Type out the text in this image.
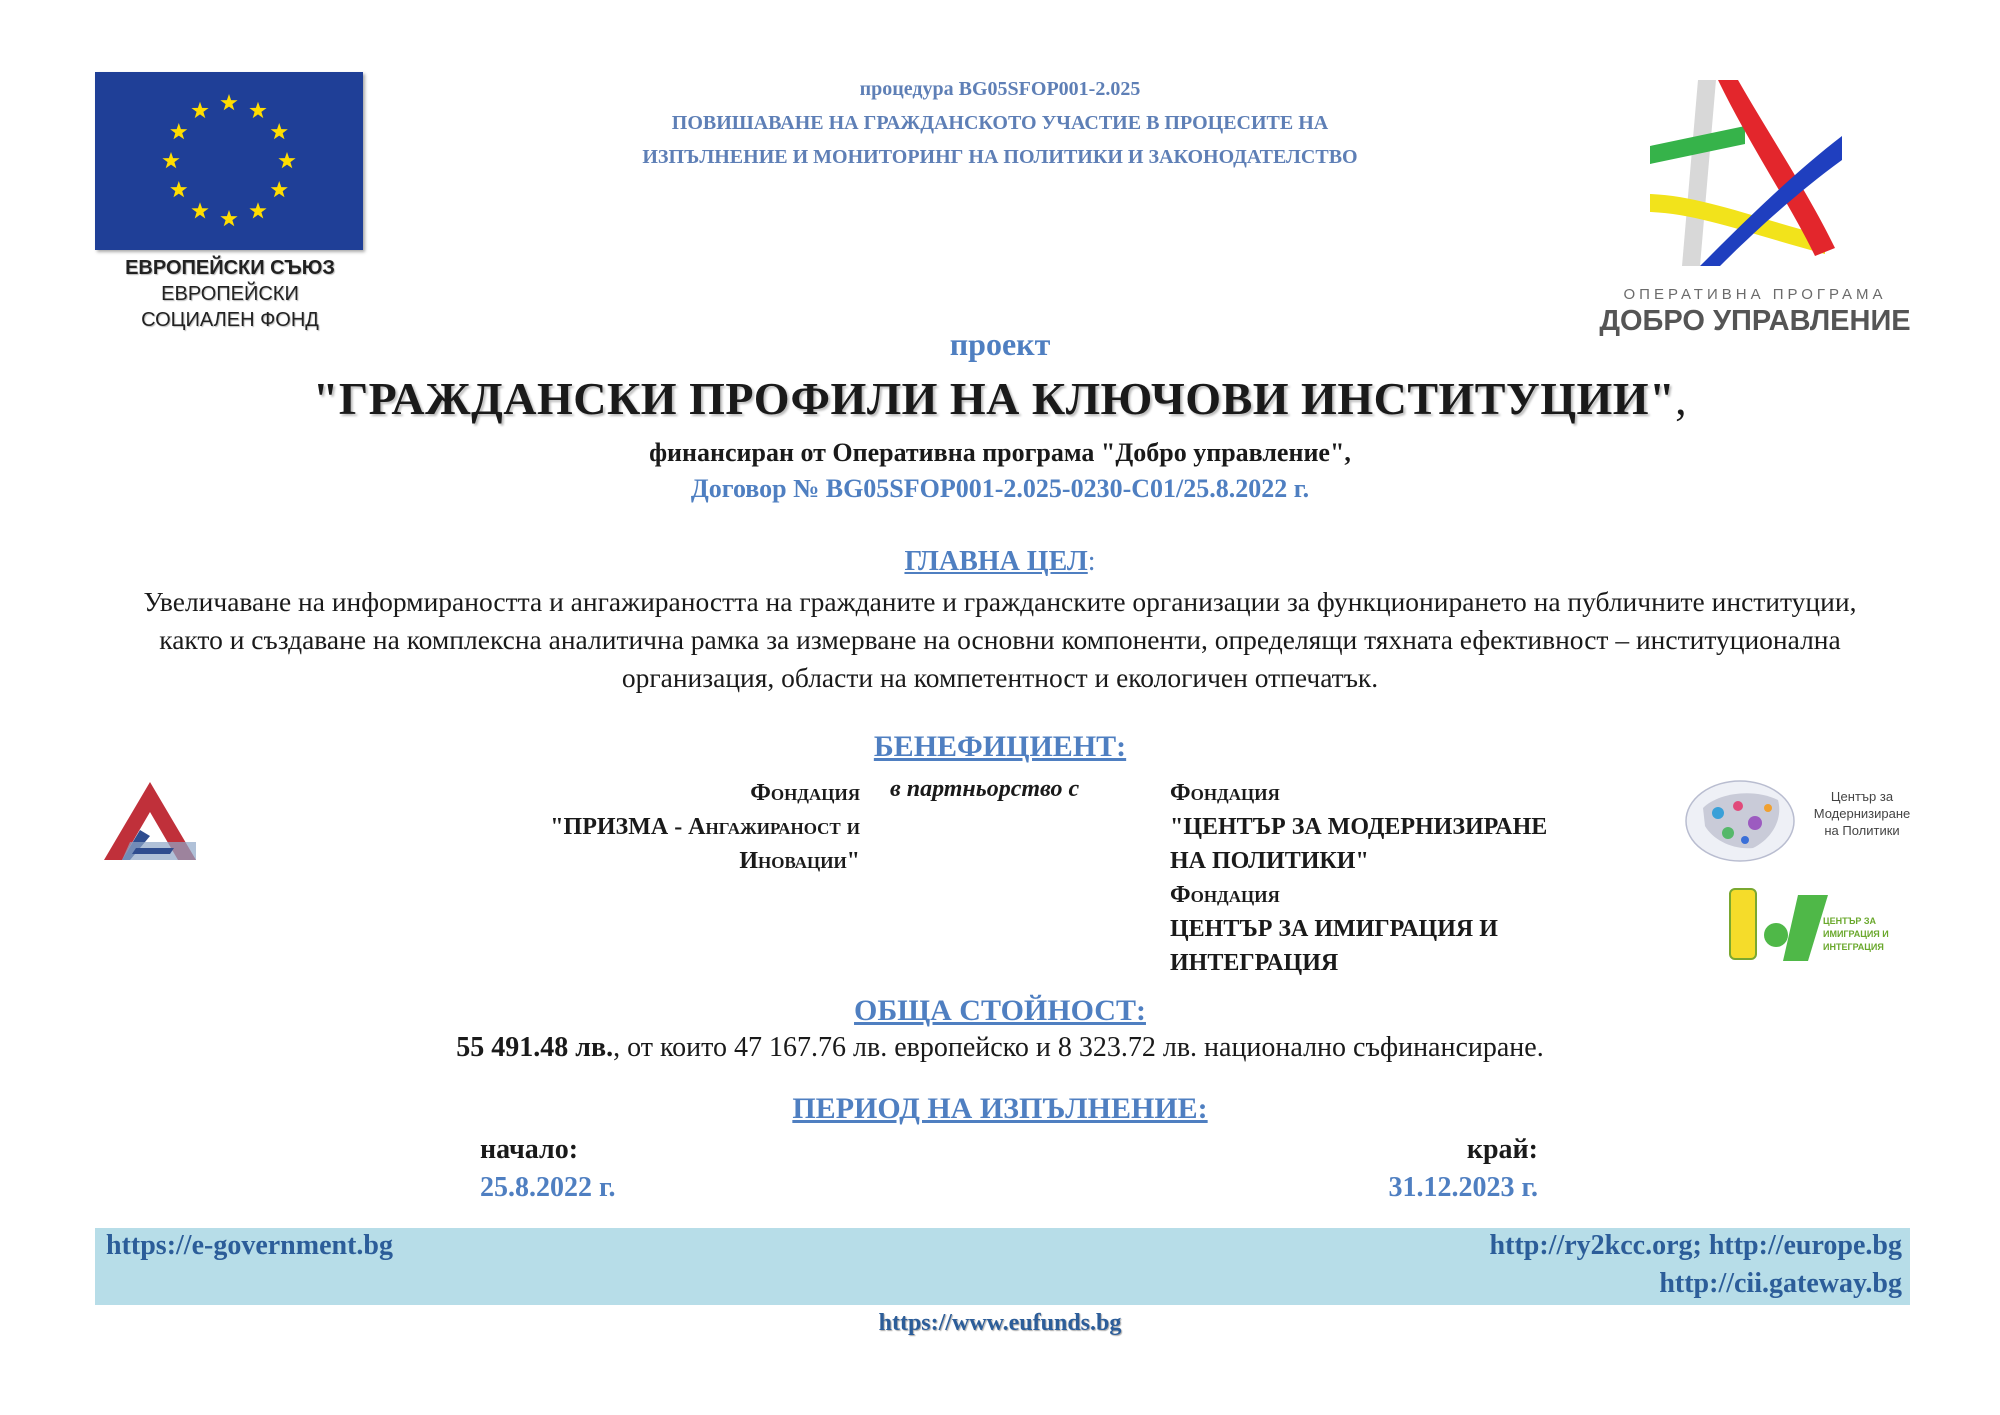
ЕВРОПЕЙСКИ СЪЮЗ
ЕВРОПЕЙСКИ
СОЦИАЛЕН ФОНД
процедура BG05SFOP001-2.025
ПОВИШАВАНЕ НА ГРАЖДАНСКОТО УЧАСТИЕ В ПРОЦЕСИТЕ НА
ИЗПЪЛНЕНИЕ И МОНИТОРИНГ НА ПОЛИТИКИ И ЗАКОНОДАТЕЛСТВО
ОПЕРАТИВНА ПРОГРАМА
ДОБРО УПРАВЛЕНИЕ
проект
"ГРАЖДАНСКИ ПРОФИЛИ НА КЛЮЧОВИ ИНСТИТУЦИИ",
финансиран от Оперативна програма "Добро управление",
Договор № BG05SFOP001-2.025-0230-C01/25.8.2022 г.
ГЛАВНА ЦЕЛ:
Увеличаване на информираността и ангажираността на гражданите и гражданските организации за функционирането на публичните институции, както и създаване на комплексна аналитична рамка за измерване на основни компоненти, определящи тяхната ефективност – институционална организация, области на компетентност и екологичен отпечатък.
БЕНЕФИЦИЕНТ:
Фондация
"ПРИЗМА - Ангажираност и
Иновации"
в партньорство с	Фондация
"ЦЕНТЪР ЗА МОДЕРНИЗИРАНЕ
НА ПОЛИТИКИ"
Фондация
ЦЕНТЪР ЗА ИМИГРАЦИЯ И
ИНТЕГРАЦИЯ
Център за
Модернизиране
на Политики
ЦЕНТЪР ЗА
ИМИГРАЦИЯ И
ИНТЕГРАЦИЯ
ОБЩА СТОЙНОСТ:
55 491.48 лв., от които 47 167.76 лв. европейско и 8 323.72 лв. национално съфинансиране.
ПЕРИОД НА ИЗПЪЛНЕНИЕ:
начало:
25.8.2022 г.
край:
31.12.2023 г.
https://e-government.bg	http://ry2kcc.org; http://europe.bg
http://cii.gateway.bg
https://www.eufunds.bg
